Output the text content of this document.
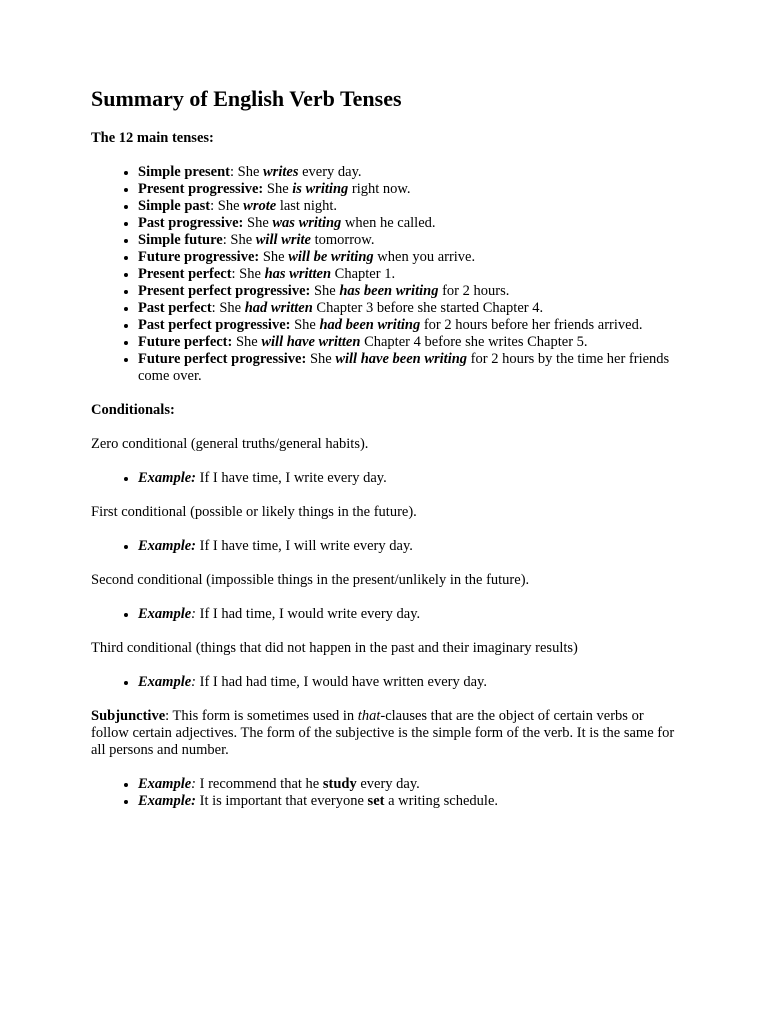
Summary of English Verb Tenses

The 12 main tenses:

• Simple present: She writes every day.
• Present progressive: She is writing right now.
• Simple past: She wrote last night.
• Past progressive: She was writing when he called.
• Simple future: She will write tomorrow.
• Future progressive: She will be writing when you arrive.
• Present perfect: She has written Chapter 1.
• Present perfect progressive: She has been writing for 2 hours.
• Past perfect: She had written Chapter 3 before she started Chapter 4.
• Past perfect progressive: She had been writing for 2 hours before her friends arrived.
• Future perfect: She will have written Chapter 4 before she writes Chapter 5.
• Future perfect progressive: She will have been writing for 2 hours by the time her friends come over.

Conditionals:

Zero conditional (general truths/general habits).

• Example: If I have time, I write every day.

First conditional (possible or likely things in the future).

• Example: If I have time, I will write every day.

Second conditional (impossible things in the present/unlikely in the future).

• Example: If I had time, I would write every day.

Third conditional (things that did not happen in the past and their imaginary results)

• Example: If I had had time, I would have written every day.

Subjunctive: This form is sometimes used in that-clauses that are the object of certain verbs or follow certain adjectives. The form of the subjective is the simple form of the verb. It is the same for all persons and number.

• Example: I recommend that he study every day.
• Example: It is important that everyone set a writing schedule.
